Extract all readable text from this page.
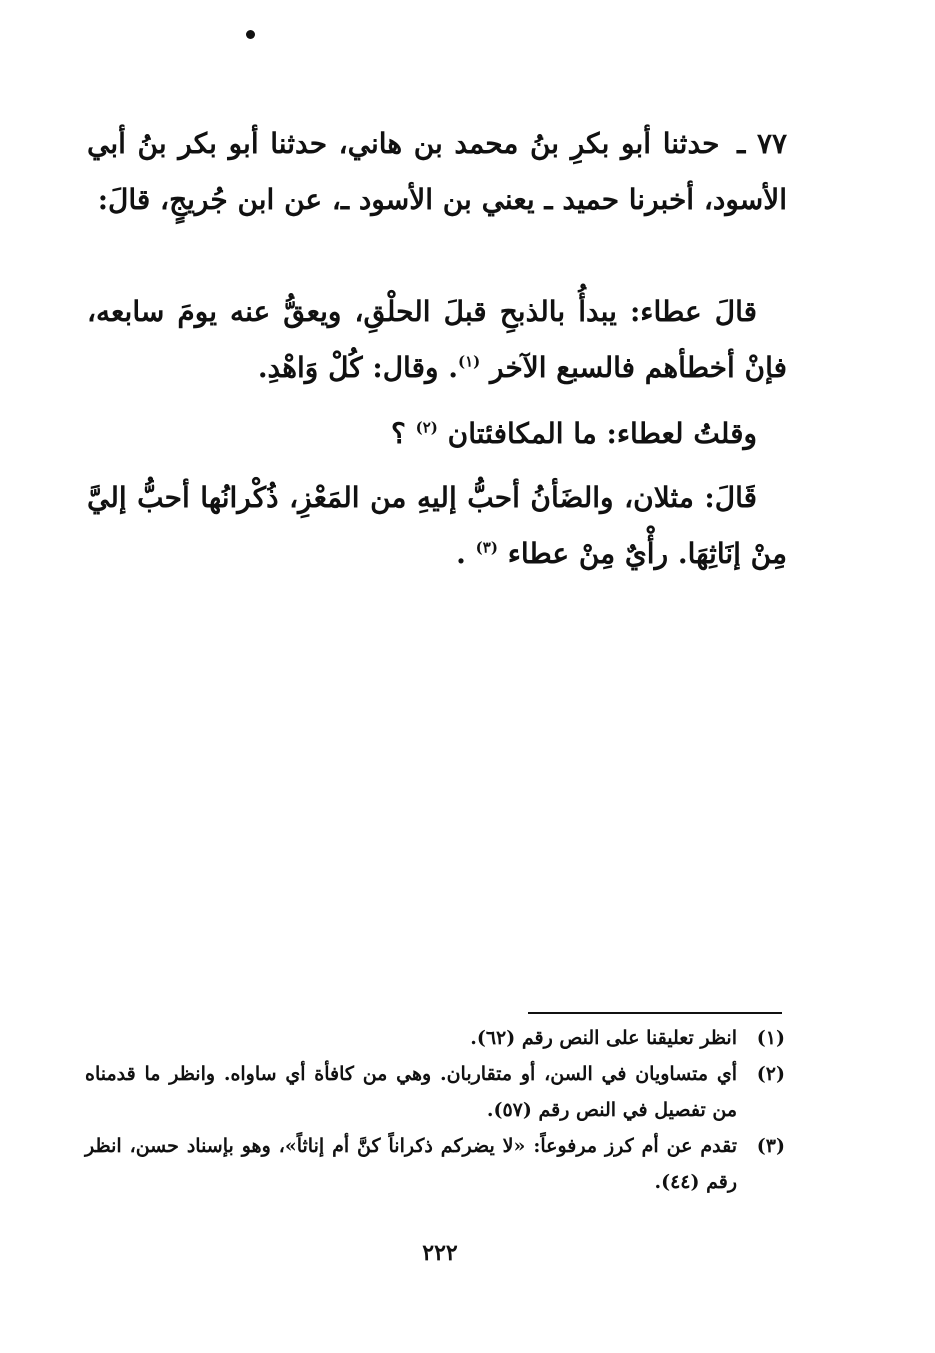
٧٧ ـ حدثنا أبو بكرِ بنُ محمد بن هاني، حدثنا أبو بكر بنُ أبي الأسود، أخبرنا حميد ـ يعني بن الأسود ـ، عن ابن جُريجٍ، قالَ:
قالَ عطاء: يبدأُ بالذبحِ قبلَ الحلْقِ، ويعقُّ عنه يومَ سابعه، فإنْ أخطأهم فالسبع الآخر $^{(١)}$. وقال: كُلْ وَاهْدِ.
وقلتُ لعطاء: ما المكافئتان $^{(٢)}$ ؟
قَالَ: مثلان، والضَأنُ أحبُّ إليهِ من المَعْزِ، ذُكْرانُها أحبُّ إليَّ مِنْ إنَاثِهَا. رأْيٌ مِنْ عطاء $^{(٣)}$ .
(١)
انظر تعليقنا على النص رقم (٦٢).
(٢)
أي متساويان في السن، أو متقاربان. وهي من كافأة أي ساواه. وانظر ما قدمناه من تفصيل في النص رقم (٥٧).
(٣)
تقدم عن أم كرز مرفوعاً: «لا يضركم ذكراناً كنَّ أم إناثاً»، وهو بإسناد حسن، انظر رقم (٤٤).
٢٢٢
